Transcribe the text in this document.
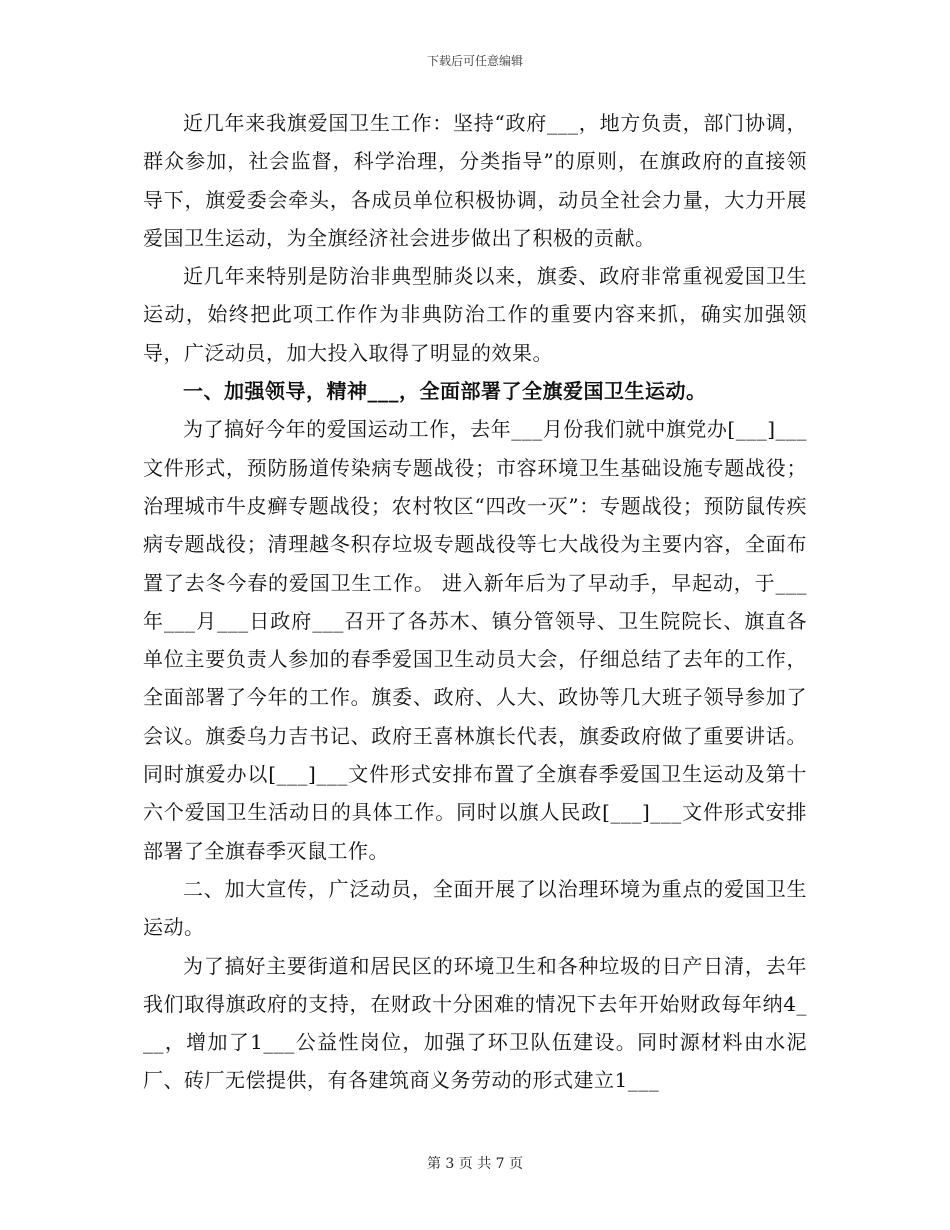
下载后可任意编辑

近几年来我旗爱国卫生工作：坚持“政府___，地方负责，部门协调，群众参加，社会监督，科学治理，分类指导”的原则，在旗政府的直接领导下，旗爱委会牵头，各成员单位积极协调，动员全社会力量，大力开展爱国卫生运动，为全旗经济社会进步做出了积极的贡献。

近几年来特别是防治非典型肺炎以来，旗委、政府非常重视爱国卫生运动，始终把此项工作作为非典防治工作的重要内容来抓，确实加强领导，广泛动员，加大投入取得了明显的效果。

一、加强领导，精神___，全面部署了全旗爱国卫生运动。

为了搞好今年的爱国运动工作，去年___月份我们就中旗党办[___]___文件形式，预防肠道传染病专题战役；市容环境卫生基础设施专题战役；治理城市牛皮癣专题战役；农村牧区“四改一灭”：专题战役；预防鼠传疾病专题战役；清理越冬积存垃圾专题战役等七大战役为主要内容，全面布置了去冬今春的爱国卫生工作。 进入新年后为了早动手，早起动，于___年___月___日政府___召开了各苏木、镇分管领导、卫生院院长、旗直各单位主要负责人参加的春季爱国卫生动员大会，仔细总结了去年的工作，全面部署了今年的工作。旗委、政府、人大、政协等几大班子领导参加了会议。旗委乌力吉书记、政府王喜林旗长代表，旗委政府做了重要讲话。同时旗爱办以[___]___文件形式安排布置了全旗春季爱国卫生运动及第十六个爱国卫生活动日的具体工作。同时以旗人民政[___]___文件形式安排部署了全旗春季灭鼠工作。

二、加大宣传，广泛动员，全面开展了以治理环境为重点的爱国卫生运动。

为了搞好主要街道和居民区的环境卫生和各种垃圾的日产日清，去年我们取得旗政府的支持，在财政十分困难的情况下去年开始财政每年纳4___，增加了1___公益性岗位，加强了环卫队伍建设。同时源材料由水泥厂、砖厂无偿提供，有各建筑商义务劳动的形式建立1___

第 3 页 共 7 页
